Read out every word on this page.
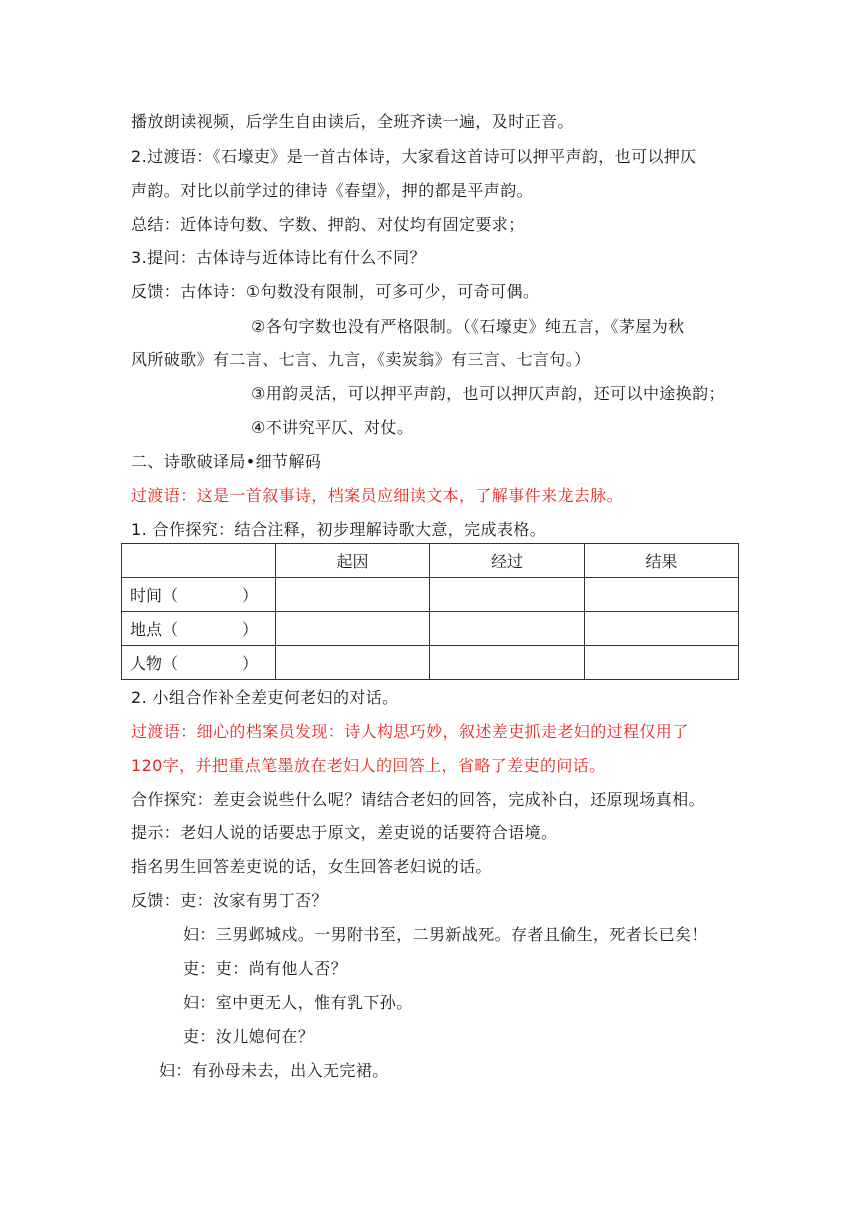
播放朗读视频，后学生自由读后，全班齐读一遍，及时正音。
2.过渡语：《石壕吏》是一首古体诗，大家看这首诗可以押平声韵，也可以押仄
声韵。对比以前学过的律诗《春望》，押的都是平声韵。
总结：近体诗句数、字数、押韵、对仗均有固定要求；
3.提问：古体诗与近体诗比有什么不同？
反馈：古体诗：①句数没有限制，可多可少，可奇可偶。
②各句字数也没有严格限制。（《石壕吏》纯五言，《茅屋为秋
风所破歌》有二言、七言、九言，《卖炭翁》有三言、七言句。）
③用韵灵活，可以押平声韵，也可以押仄声韵，还可以中途换韵；
④不讲究平仄、对仗。
二、诗歌破译局•细节解码
过渡语：这是一首叙事诗，档案员应细读文本，了解事件来龙去脉。
1. 合作探究：结合注释，初步理解诗歌大意，完成表格。
	起因	经过	结果
时间（ ）			
地点（ ）			
人物（ ）			
2. 小组合作补全差吏何老妇的对话。
过渡语：细心的档案员发现：诗人构思巧妙，叙述差吏抓走老妇的过程仅用了
120字，并把重点笔墨放在老妇人的回答上，省略了差吏的问话。
合作探究：差吏会说些什么呢？请结合老妇的回答，完成补白，还原现场真相。
提示：老妇人说的话要忠于原文，差吏说的话要符合语境。
指名男生回答差吏说的话，女生回答老妇说的话。
反馈：吏：汝家有男丁否？
妇：三男邺城戍。一男附书至，二男新战死。存者且偷生，死者长已矣！
吏：吏：尚有他人否？
妇：室中更无人，惟有乳下孙。
吏：汝儿媳何在？
妇：有孙母未去，出入无完裙。
